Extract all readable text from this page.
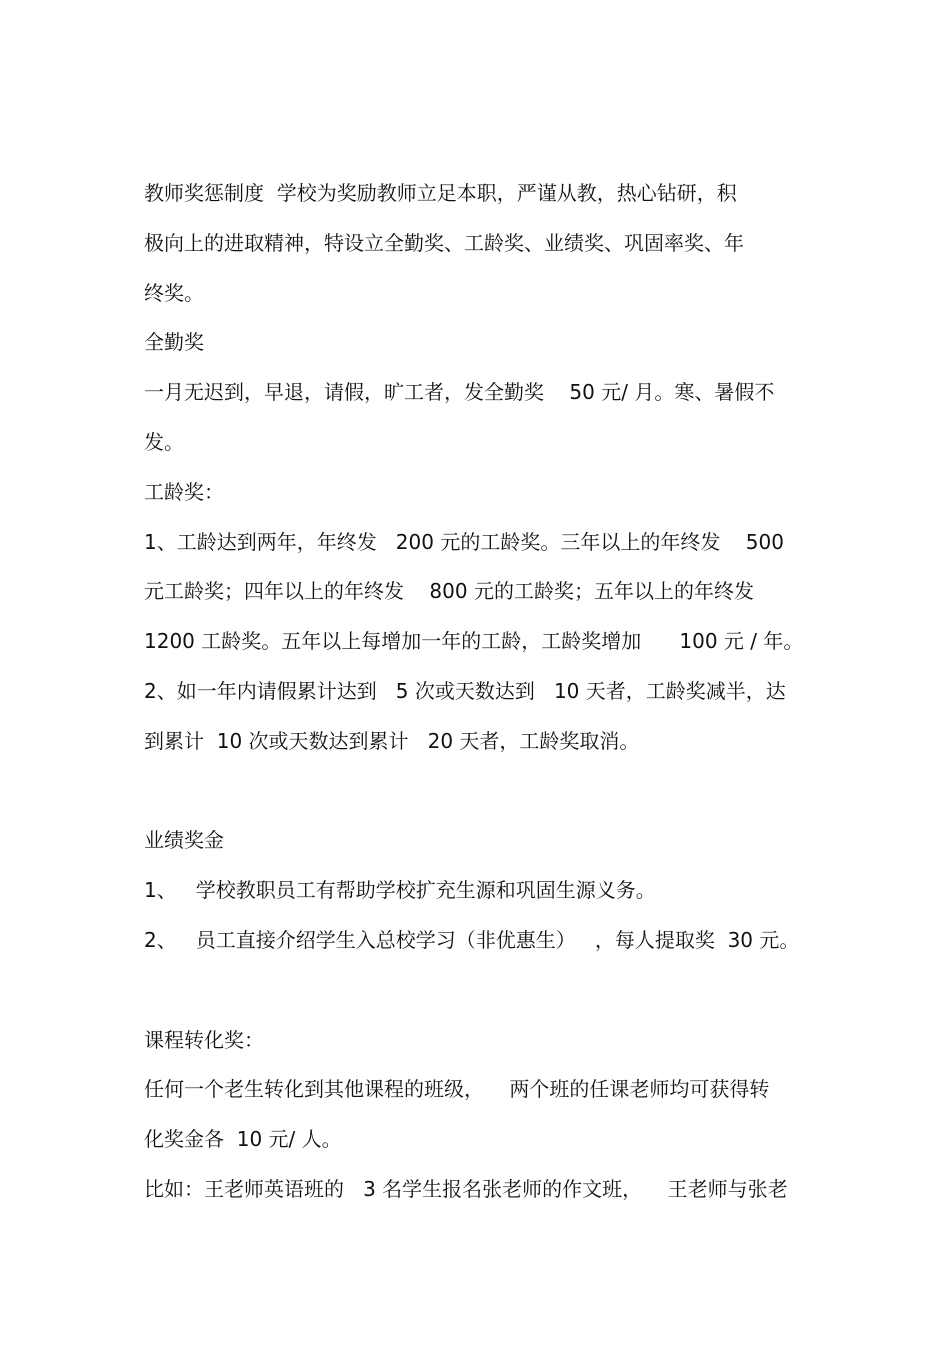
教师奖惩制度  学校为奖励教师立足本职，严谨从教，热心钻研，积
极向上的进取精神，特设立全勤奖、工龄奖、业绩奖、巩固率奖、年
终奖。
全勤奖
一月无迟到，早退，请假，旷工者，发全勤奖    50 元/ 月。寒、暑假不
发。
工龄奖：
1、工龄达到两年，年终发   200 元的工龄奖。三年以上的年终发    500
元工龄奖；四年以上的年终发    800 元的工龄奖；五年以上的年终发
1200 工龄奖。五年以上每增加一年的工龄，工龄奖增加      100 元 / 年。
2、如一年内请假累计达到   5 次或天数达到   10 天者，工龄奖减半，达
到累计  10 次或天数达到累计   20 天者，工龄奖取消。
业绩奖金
1、   学校教职员工有帮助学校扩充生源和巩固生源义务。
2、   员工直接介绍学生入总校学习（非优惠生）   ，每人提取奖  30 元。
课程转化奖：
任何一个老生转化到其他课程的班级，    两个班的任课老师均可获得转
化奖金各  10 元/ 人。
比如：王老师英语班的   3 名学生报名张老师的作文班，    王老师与张老
